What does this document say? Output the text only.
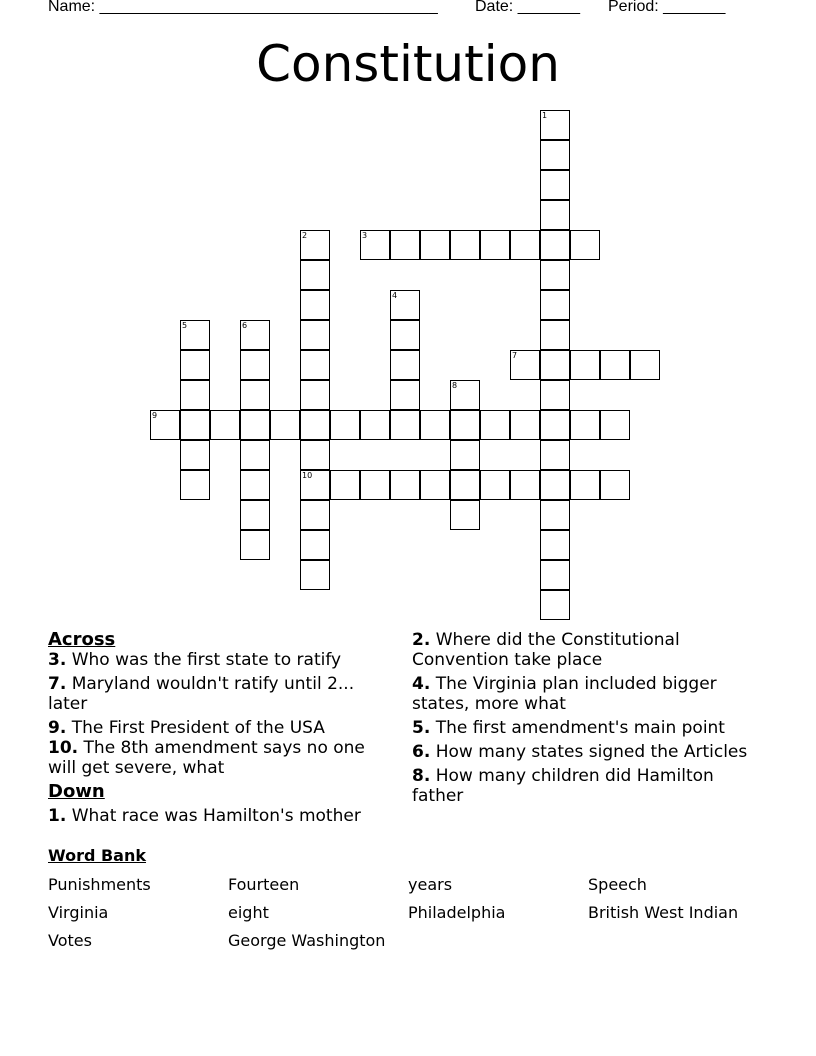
Name: ______________________________________ Date: _______ Period: _______
Constitution
1
2
10
3
4
5	6
7
8
9
Across
3. Who was the first state to ratify
7. Maryland wouldn't ratify until 2... later
9. The First President of the USA
10. The 8th amendment says no one will get severe, what
Down
1. What race was Hamilton's mother
2. Where did the Constitutional Convention take place
4. The Virginia plan included bigger states, more what
5. The first amendment's main point
6. How many states signed the Articles
8. How many children did Hamilton father
Word Bank
Punishments	Fourteen	years	Speech
Virginia	eight	Philadelphia	British West Indian
Votes	George Washington
